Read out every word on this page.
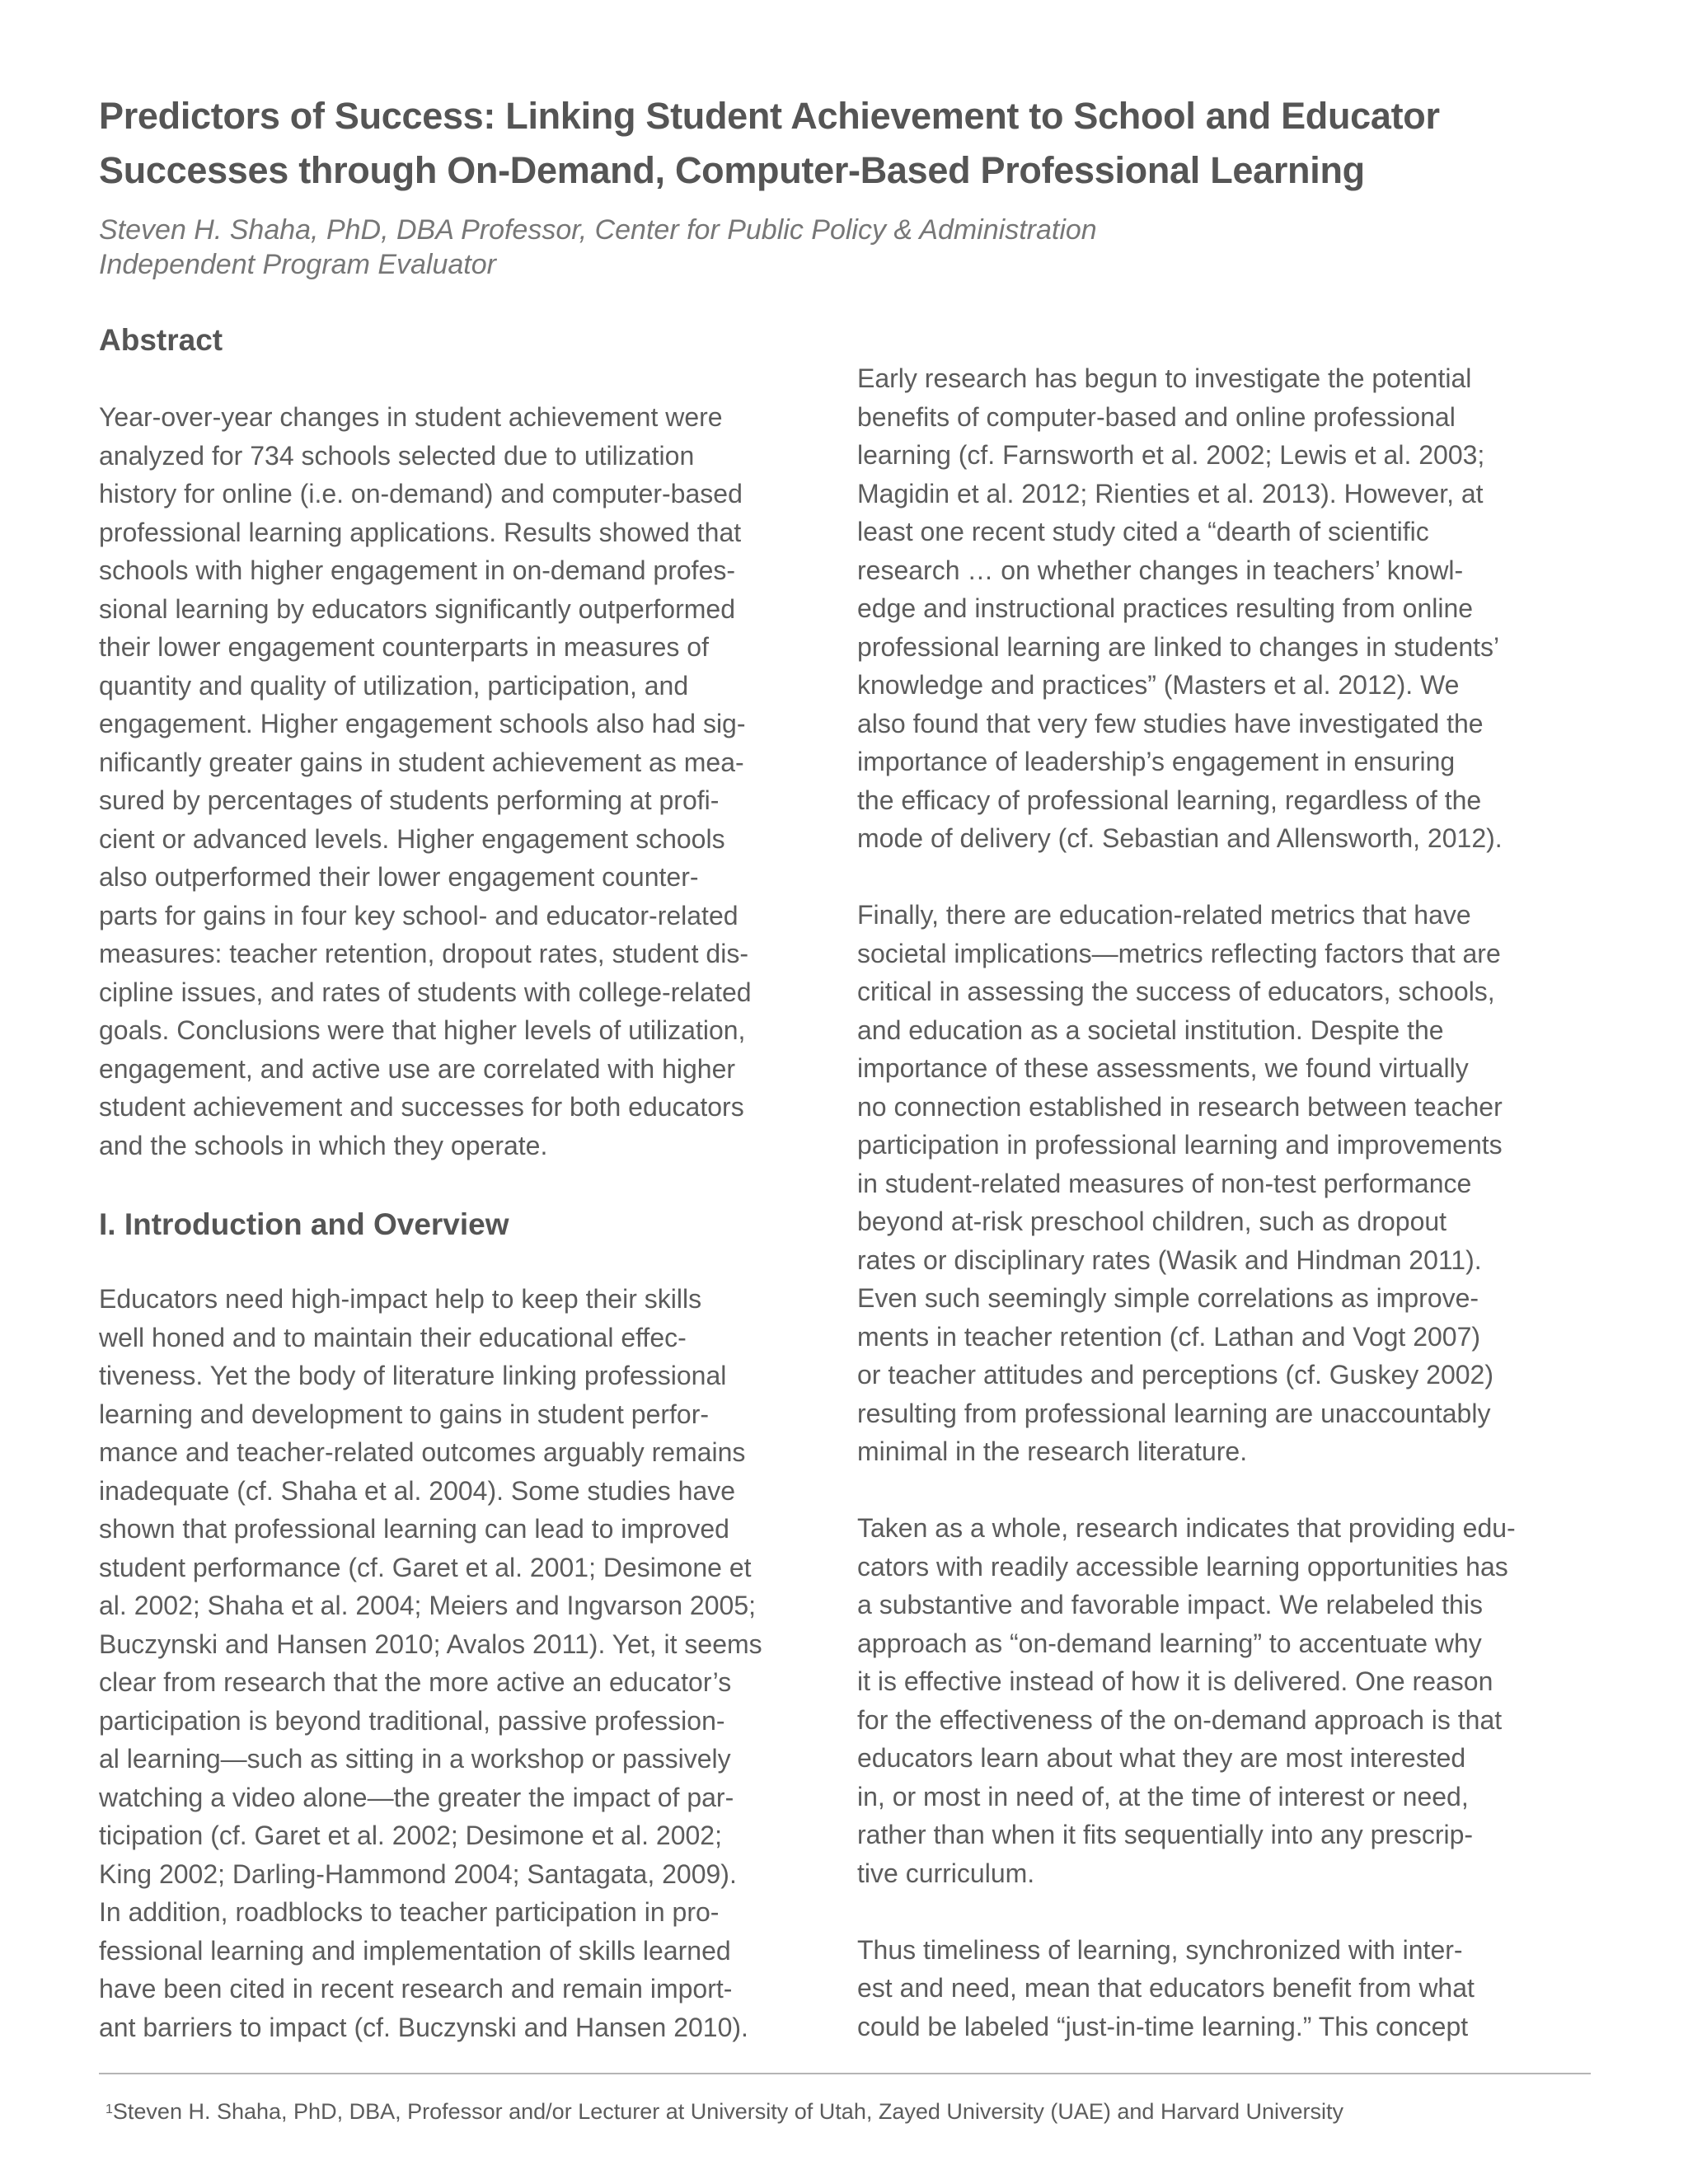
Predictors of Success: Linking Student Achievement to School and Educator
Successes through On-Demand, Computer-Based Professional Learning
Steven H. Shaha, PhD, DBA Professor, Center for Public Policy & Administration
Independent Program Evaluator
Abstract

Year-over-year changes in student achievement were
analyzed for 734 schools selected due to utilization
history for online (i.e. on-demand) and computer-based
professional learning applications. Results showed that
schools with higher engagement in on-demand profes-
sional learning by educators significantly outperformed
their lower engagement counterparts in measures of
quantity and quality of utilization, participation, and
engagement. Higher engagement schools also had sig-
nificantly greater gains in student achievement as mea-
sured by percentages of students performing at profi-
cient or advanced levels. Higher engagement schools
also outperformed their lower engagement counter-
parts for gains in four key school- and educator-related
measures: teacher retention, dropout rates, student dis-
cipline issues, and rates of students with college-related
goals. Conclusions were that higher levels of utilization,
engagement, and active use are correlated with higher
student achievement and successes for both educators
and the schools in which they operate.

I. Introduction and Overview

Educators need high-impact help to keep their skills
well honed and to maintain their educational effec-
tiveness. Yet the body of literature linking professional
learning and development to gains in student perfor-
mance and teacher-related outcomes arguably remains
inadequate (cf. Shaha et al. 2004). Some studies have
shown that professional learning can lead to improved
student performance (cf. Garet et al. 2001; Desimone et
al. 2002; Shaha et al. 2004; Meiers and Ingvarson 2005;
Buczynski and Hansen 2010; Avalos 2011). Yet, it seems
clear from research that the more active an educator’s
participation is beyond traditional, passive profession-
al learning—such as sitting in a workshop or passively
watching a video alone—the greater the impact of par-
ticipation (cf. Garet et al. 2002; Desimone et al. 2002;
King 2002; Darling-Hammond 2004; Santagata, 2009).
In addition, roadblocks to teacher participation in pro-
fessional learning and implementation of skills learned
have been cited in recent research and remain import-
ant barriers to impact (cf. Buczynski and Hansen 2010).

Early research has begun to investigate the potential
benefits of computer-based and online professional
learning (cf. Farnsworth et al. 2002; Lewis et al. 2003;
Magidin et al. 2012; Rienties et al. 2013). However, at
least one recent study cited a “dearth of scientific
research … on whether changes in teachers’ knowl-
edge and instructional practices resulting from online
professional learning are linked to changes in students’
knowledge and practices” (Masters et al. 2012). We
also found that very few studies have investigated the
importance of leadership’s engagement in ensuring
the efficacy of professional learning, regardless of the
mode of delivery (cf. Sebastian and Allensworth, 2012).

Finally, there are education-related metrics that have
societal implications—metrics reflecting factors that are
critical in assessing the success of educators, schools,
and education as a societal institution. Despite the
importance of these assessments, we found virtually
no connection established in research between teacher
participation in professional learning and improvements
in student-related measures of non-test performance
beyond at-risk preschool children, such as dropout
rates or disciplinary rates (Wasik and Hindman 2011).
Even such seemingly simple correlations as improve-
ments in teacher retention (cf. Lathan and Vogt 2007)
or teacher attitudes and perceptions (cf. Guskey 2002)
resulting from professional learning are unaccountably
minimal in the research literature.

Taken as a whole, research indicates that providing edu-
cators with readily accessible learning opportunities has
a substantive and favorable impact. We relabeled this
approach as “on-demand learning” to accentuate why
it is effective instead of how it is delivered. One reason
for the effectiveness of the on-demand approach is that
educators learn about what they are most interested
in, or most in need of, at the time of interest or need,
rather than when it fits sequentially into any prescrip-
tive curriculum.

Thus timeliness of learning, synchronized with inter-
est and need, mean that educators benefit from what
could be labeled “just-in-time learning.” This concept

$^1$Steven H. Shaha, PhD, DBA, Professor and/or Lecturer at University of Utah, Zayed University (UAE) and Harvard University
